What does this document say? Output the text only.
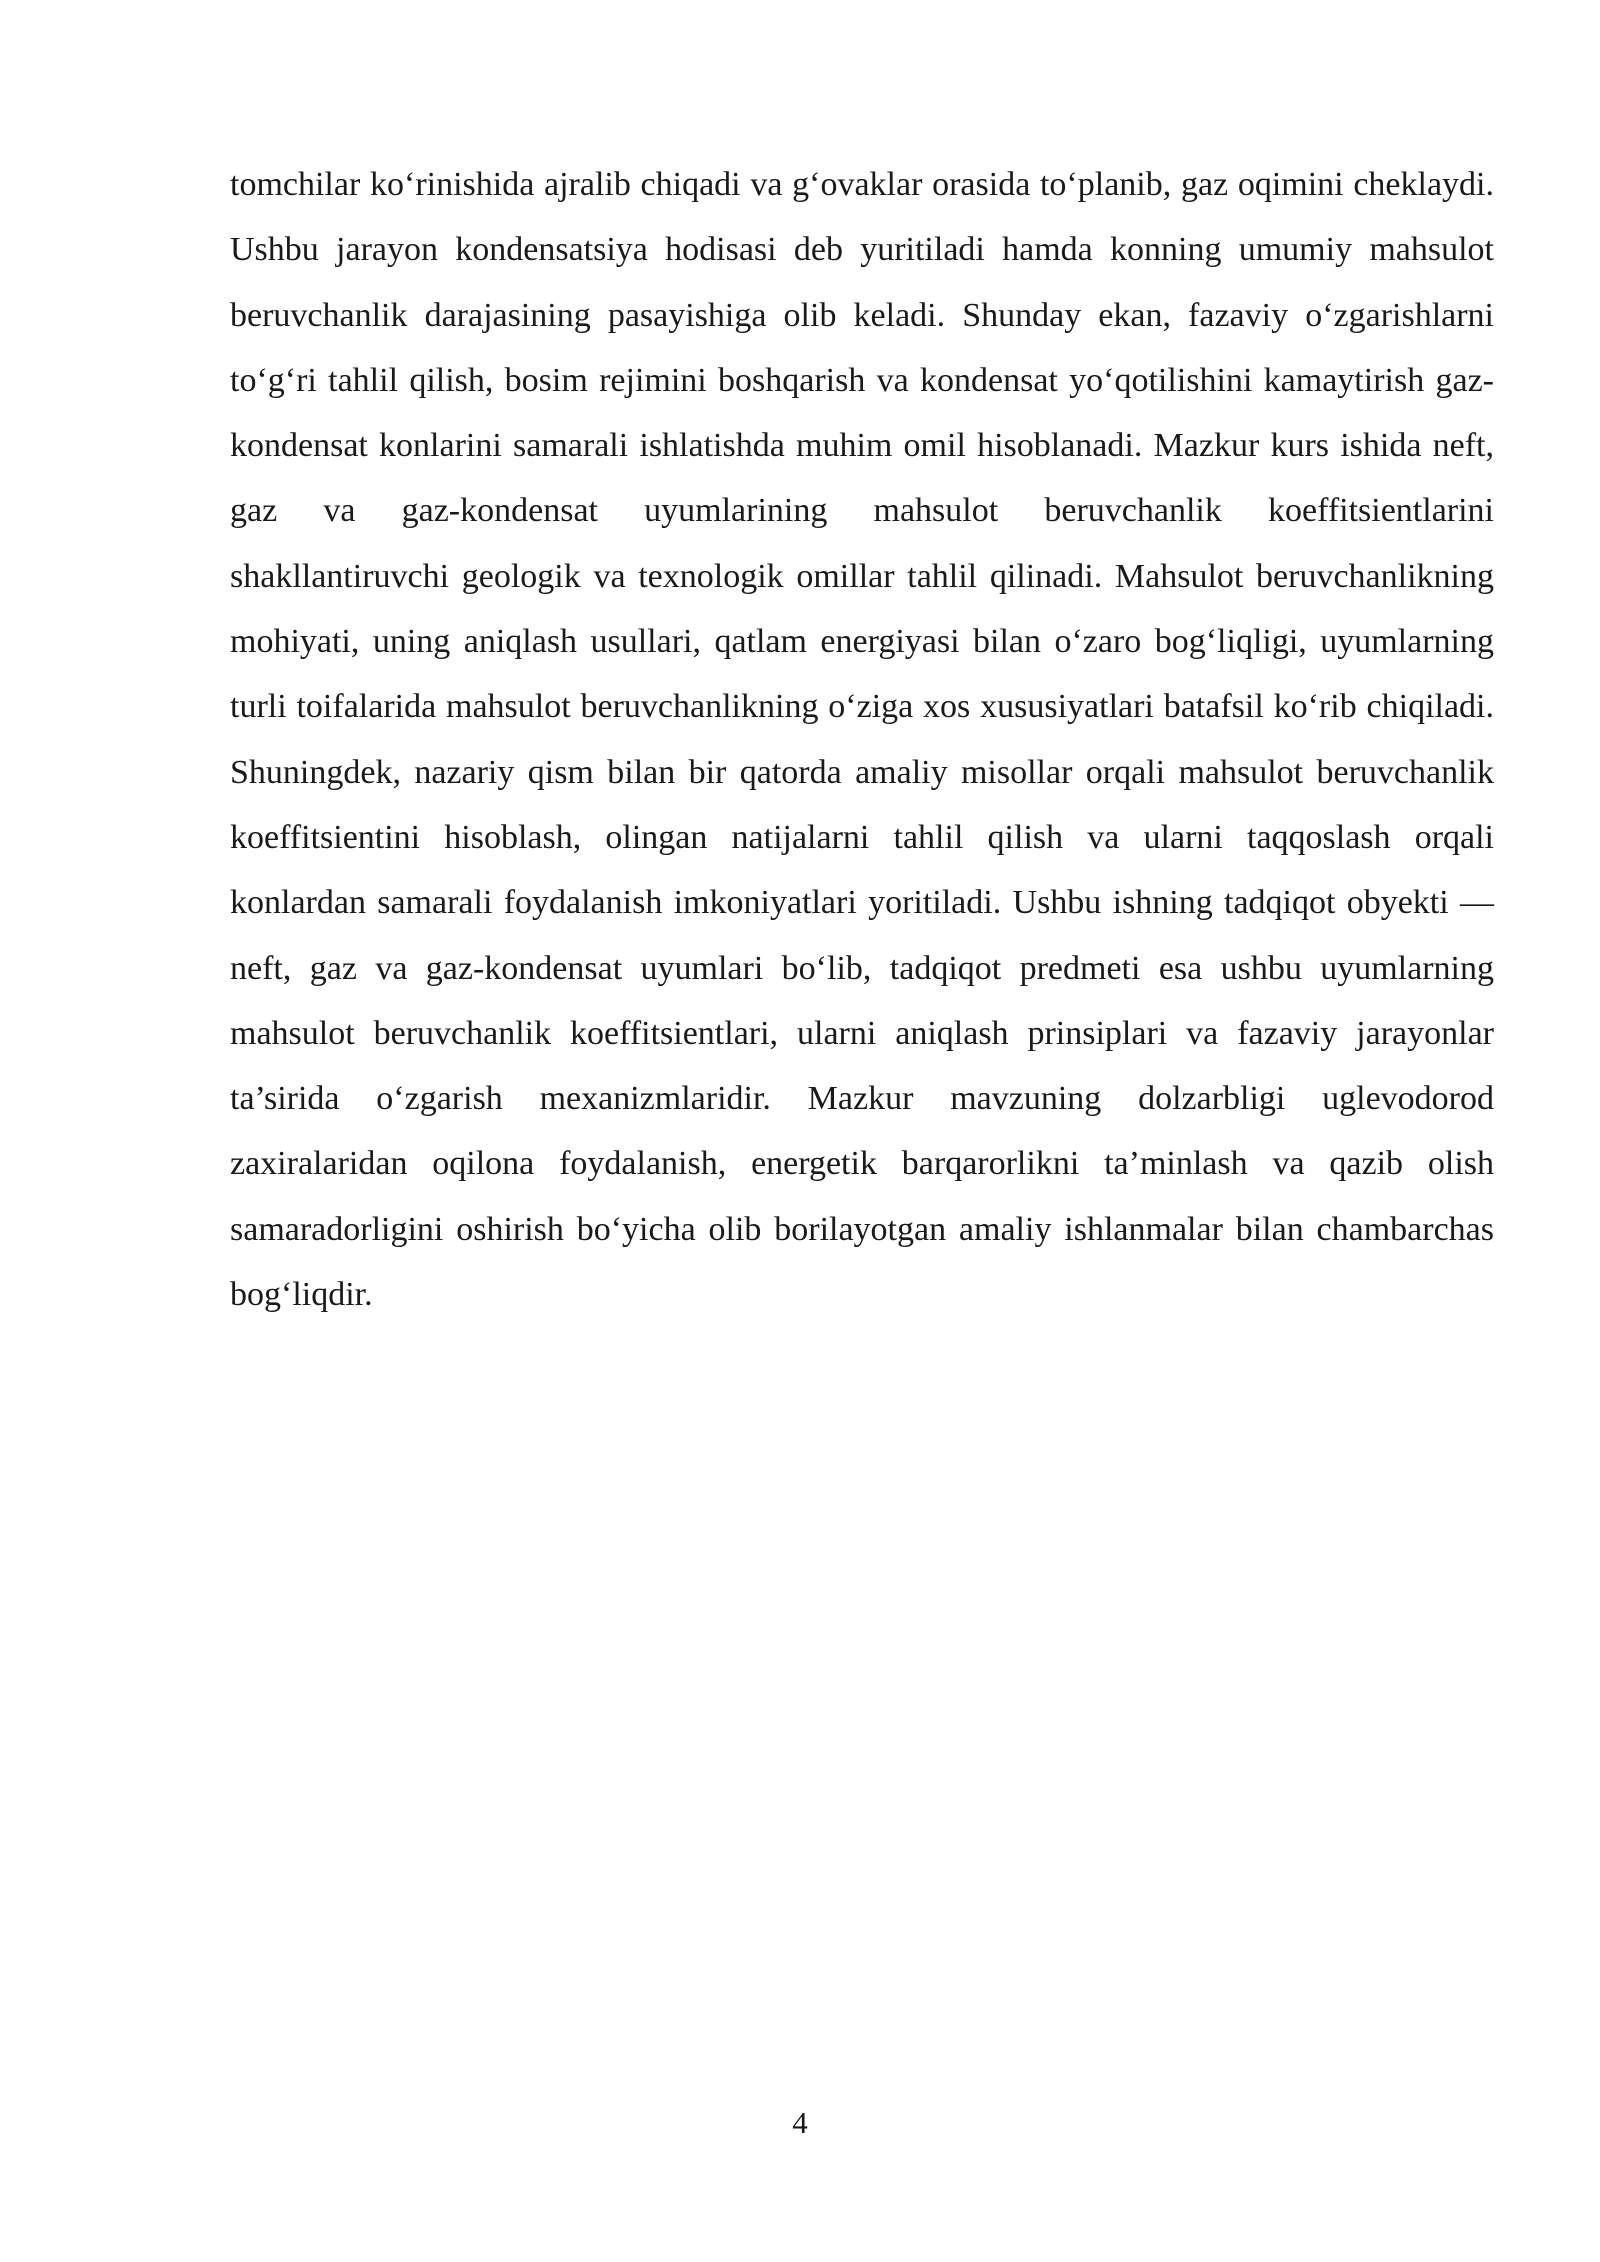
tomchilar ko‘rinishida ajralib chiqadi va g‘ovaklar orasida to‘planib, gaz oqimini cheklaydi. Ushbu jarayon kondensatsiya hodisasi deb yuritiladi hamda konning umumiy mahsulot beruvchanlik darajasining pasayishiga olib keladi. Shunday ekan, fazaviy o‘zgarishlarni to‘g‘ri tahlil qilish, bosim rejimini boshqarish va kondensat yo‘qotilishini kamaytirish gaz-kondensat konlarini samarali ishlatishda muhim omil hisoblanadi. Mazkur kurs ishida neft, gaz va gaz-kondensat uyumlarining mahsulot beruvchanlik koeffitsientlarini shakllantiruvchi geologik va texnologik omillar tahlil qilinadi. Mahsulot beruvchanlikning mohiyati, uning aniqlash usullari, qatlam energiyasi bilan o‘zaro bog‘liqligi, uyumlarning turli toifalarida mahsulot beruvchanlikning o‘ziga xos xususiyatlari batafsil ko‘rib chiqiladi. Shuningdek, nazariy qism bilan bir qatorda amaliy misollar orqali mahsulot beruvchanlik koeffitsientini hisoblash, olingan natijalarni tahlil qilish va ularni taqqoslash orqali konlardan samarali foydalanish imkoniyatlari yoritiladi. Ushbu ishning tadqiqot obyekti — neft, gaz va gaz-kondensat uyumlari bo‘lib, tadqiqot predmeti esa ushbu uyumlarning mahsulot beruvchanlik koeffitsientlari, ularni aniqlash prinsiplari va fazaviy jarayonlar ta’sirida o‘zgarish mexanizmlaridir. Mazkur mavzuning dolzarbligi uglevodorod zaxiralaridan oqilona foydalanish, energetik barqarorlikni ta’minlash va qazib olish samaradorligini oshirish bo‘yicha olib borilayotgan amaliy ishlanmalar bilan chambarchas bog‘liqdir.

4
